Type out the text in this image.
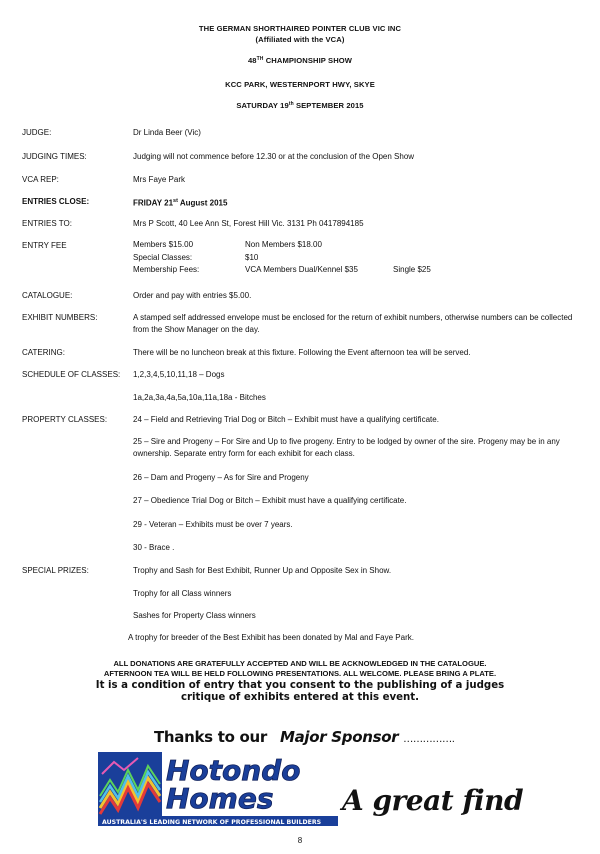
THE GERMAN SHORTHAIRED POINTER CLUB VIC INC
(Affiliated with the VCA)
48TH CHAMPIONSHIP SHOW
KCC PARK, WESTERNPORT HWY, SKYE
SATURDAY 19th SEPTEMBER 2015
JUDGE:	Dr Linda Beer (Vic)
JUDGING TIMES:	Judging will not commence before 12.30 or at the conclusion of the Open Show
VCA REP:	Mrs Faye Park
ENTRIES CLOSE:	FRIDAY 21st August 2015
ENTRIES TO:	Mrs P Scott, 40 Lee Ann St, Forest Hill Vic. 3131 Ph 0417894185
ENTRY FEE	Members $15.00	Non Members $18.00
Special Classes:	$10
Membership Fees:	VCA Members Dual/Kennel $35	Single $25
CATALOGUE:	Order and pay with entries $5.00.
EXHIBIT NUMBERS:	A stamped self addressed envelope must be enclosed for the return of exhibit numbers, otherwise numbers can be collected from the Show Manager on the day.
CATERING:	There will be no luncheon break at this fixture. Following the Event afternoon tea will be served.
SCHEDULE OF CLASSES: 1,2,3,4,5,10,11,18 – Dogs
1a,2a,3a,4a,5a,10a,11a,18a - Bitches
PROPERTY CLASSES:	24 – Field and Retrieving Trial Dog or Bitch – Exhibit must have a qualifying certificate.
25 – Sire and Progeny – For Sire and Up to five progeny. Entry to be lodged by owner of the sire. Progeny may be in any ownership. Separate entry form for each exhibit for each class.
26 – Dam and Progeny – As for Sire and Progeny
27 – Obedience Trial Dog or Bitch – Exhibit must have a qualifying certificate.
29 - Veteran – Exhibits must be over 7 years.
30 - Brace .
SPECIAL PRIZES:	Trophy and Sash for Best Exhibit, Runner Up and Opposite Sex in Show.
Trophy for all Class winners
Sashes for Property Class winners
A trophy for breeder of the Best Exhibit has been donated by Mal and Faye Park.
ALL DONATIONS ARE GRATEFULLY ACCEPTED AND WILL BE ACKNOWLEDGED IN THE CATALOGUE.
AFTERNOON TEA WILL BE HELD FOLLOWING PRESENTATIONS. ALL WELCOME. PLEASE BRING A PLATE.
It is a condition of entry that you consent to the publishing of a judges
critique of exhibits entered at this event.
Thanks to our Major Sponsor …………….
Hotondo
Homes
AUSTRALIA'S LEADING NETWORK OF PROFESSIONAL BUILDERS
A great find
8
